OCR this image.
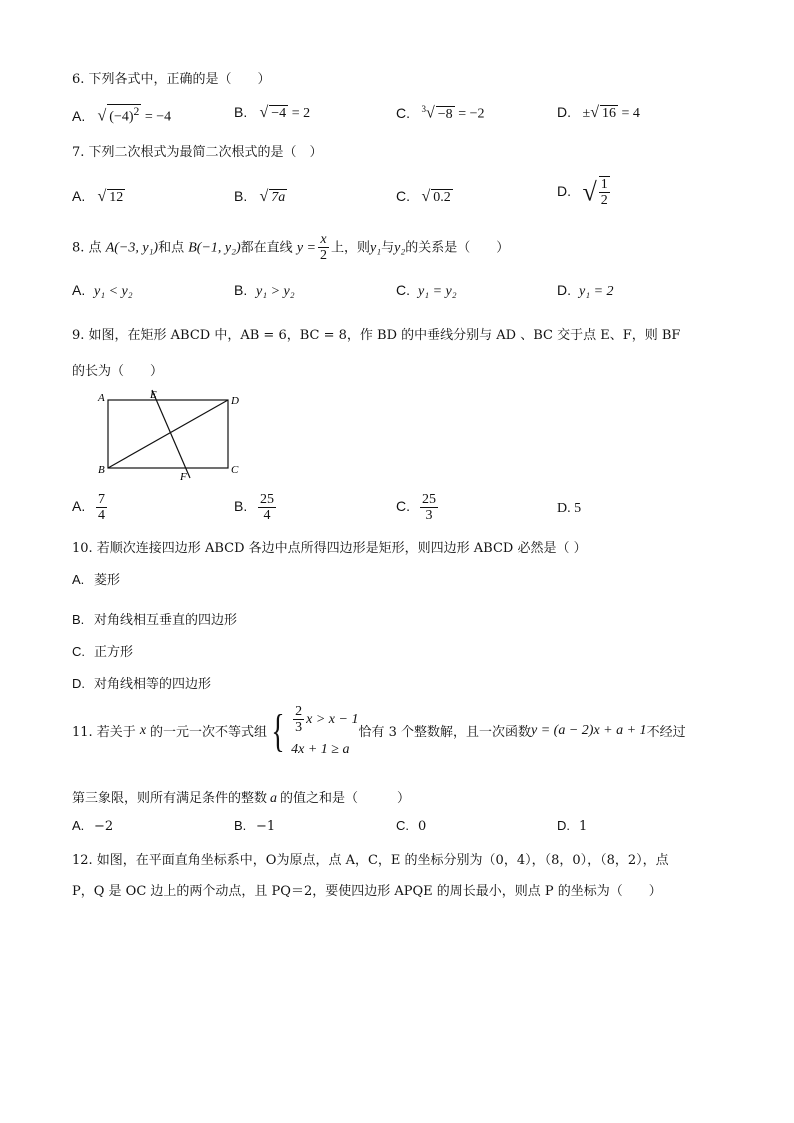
6. 下列各式中，正确的是（　　）
A. √ $(-4)^2 = -4$	B. √ −4 = 2	C. $^3$√ −8 = −2	D. ±√ 16 = 4
7. 下列二次根式为最简二次根式的是（　）
A. √ 12	B. √ 7a	C. √ 0.2	D. √ $\frac{1}{2}$
8. 点 A(−3, y₁)和点 B(−1, y₂)都在直线 $y = \frac{x}{2}$ 上，则y₁与y₂的关系是（　　）
A. y₁ < y₂	B. y₁ > y₂	C. y₁ = y₂	D. y₁ = 2
9. 如图，在矩形 ABCD 中，AB = 6，BC = 8，作 BD 的中垂线分别与 AD 、BC 交于点 E、F，则 BF
的长为（　　）
A
B	C
D
E
F
A. $\frac{7}{4}$	B. $\frac{25}{4}$	C. $\frac{25}{3}$	D. 5
10. 若顺次连接四边形 ABCD 各边中点所得四边形是矩形，则四边形 ABCD 必然是（ ）
A. 菱形
B. 对角线相互垂直的四边形
C. 正方形
D. 对角线相等的四边形
11. 若关于 x 的一元一次不等式组 { $\frac{2}{3}$ x > x − 1
4x + 1 ≥ a
恰有 3 个整数解，且一次函数 y = (a − 2)x + a + 1 不经过
第三象限，则所有满足条件的整数 a 的值之和是（　　　）
A. −2	B. −1	C. 0	D. 1
12. 如图，在平面直角坐标系中，O为原点，点 A，C，E 的坐标分别为（0，4），（8，0），（8，2），点
P，Q 是 OC 边上的两个动点，且 PQ＝2，要使四边形 APQE 的周长最小，则点 P 的坐标为（　　）
